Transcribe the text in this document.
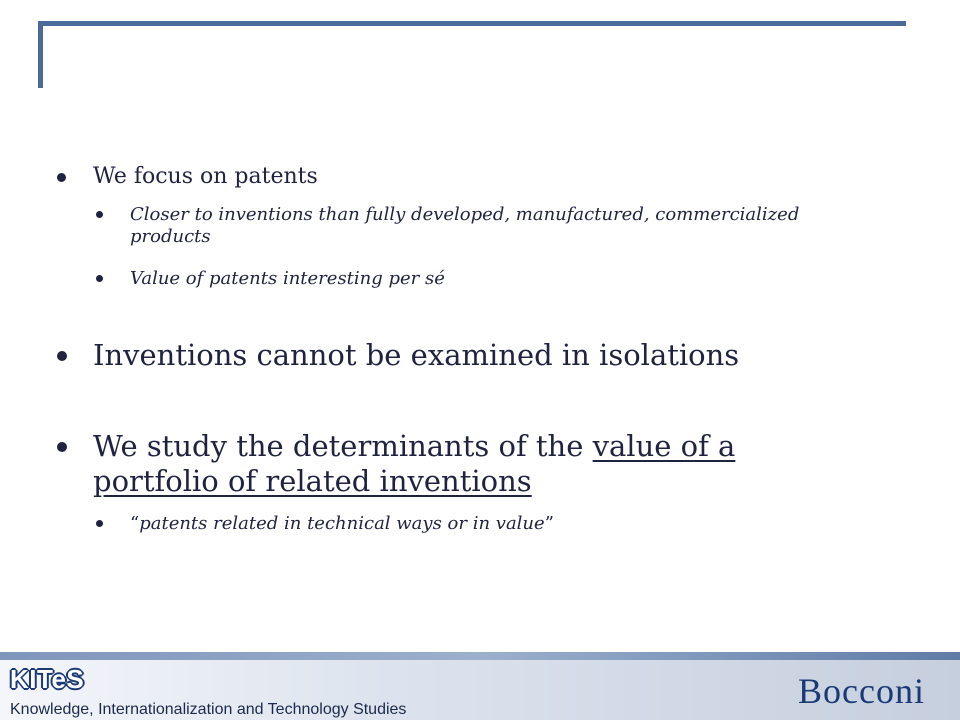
We focus on patents
Closer to inventions than fully developed, manufactured, commercialized products
Value of patents interesting per sé
Inventions cannot be examined in isolations
We study the determinants of the value of a portfolio of related inventions
“patents related in technical ways or in value”
KITeS
Knowledge, Internationalization and Technology Studies	Bocconi
